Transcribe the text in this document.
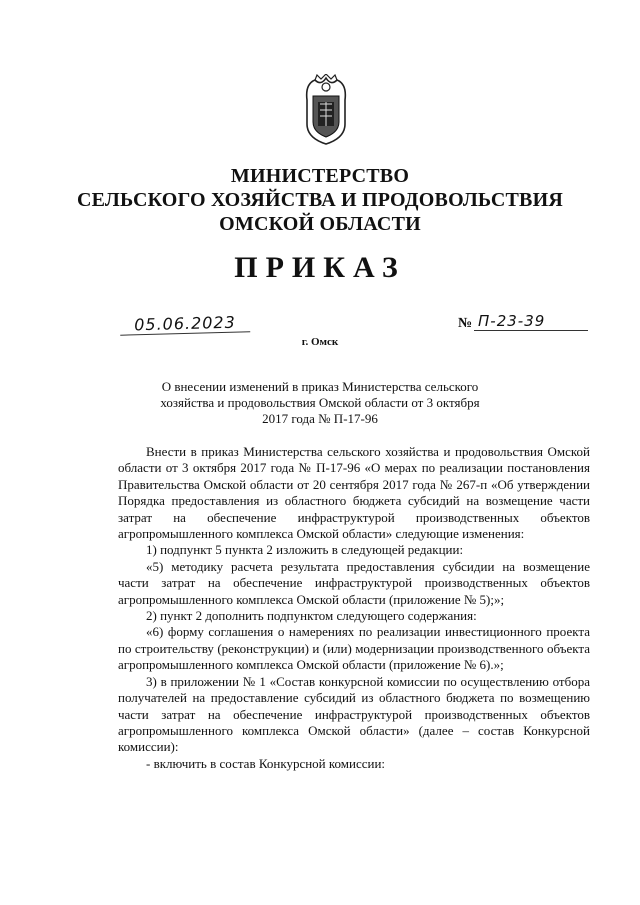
МИНИСТЕРСТВО
СЕЛЬСКОГО ХОЗЯЙСТВА И ПРОДОВОЛЬСТВИЯ
ОМСКОЙ ОБЛАСТИ
ПРИКАЗ
05.06.2023	№ П-23-39
г. Омск
О внесении изменений в приказ Министерства сельского хозяйства и продовольствия Омской области от 3 октября 2017 года № П-17-96

Внести в приказ Министерства сельского хозяйства и продовольствия Омской области от 3 октября 2017 года № П-17-96 «О мерах по реализации постановления Правительства Омской области от 20 сентября 2017 года № 267-п «Об утверждении Порядка предоставления из областного бюджета субсидий на возмещение части затрат на обеспечение инфраструктурой производственных объектов агропромышленного комплекса Омской области» следующие изменения:

1) подпункт 5 пункта 2 изложить в следующей редакции:

«5) методику расчета результата предоставления субсидии на возмещение части затрат на обеспечение инфраструктурой производственных объектов агропромышленного комплекса Омской области (приложение № 5);»;

2) пункт 2 дополнить подпунктом следующего содержания:

«6) форму соглашения о намерениях по реализации инвестиционного проекта по строительству (реконструкции) и (или) модернизации производственного объекта агропромышленного комплекса Омской области (приложение № 6).»;

3) в приложении № 1 «Состав конкурсной комиссии по осуществлению отбора получателей на предоставление субсидий из областного бюджета по возмещению части затрат на обеспечение инфраструктурой производственных объектов агропромышленного комплекса Омской области» (далее – состав Конкурсной комиссии):

- включить в состав Конкурсной комиссии:
